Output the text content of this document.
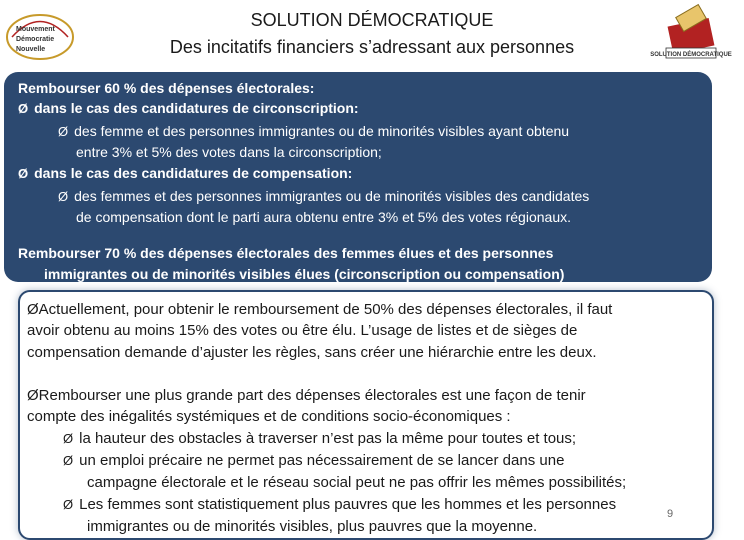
Mouvement
Démocratie
Nouvelle
SOLUTION DÉMOCRATIQUE
Des incitatifs financiers s’adressant aux personnes	SOLUTION DÉMOCRATIQUE
Rembourser 60 % des dépenses électorales:
Ø dans le cas des candidatures de circonscription:
Ø des femme et des personnes immigrantes ou de minorités visibles ayant obtenu
entre 3% et 5% des votes dans la circonscription;
Ø dans le cas des candidatures de compensation:
Ø des femmes et des personnes immigrantes ou de minorités visibles des candidates
de compensation dont le parti aura obtenu entre 3% et 5% des votes régionaux.
Rembourser 70 % des dépenses électorales des femmes élues et des personnes
immigrantes ou de minorités visibles élues (circonscription ou compensation)
ØActuellement, pour obtenir le remboursement de 50% des dépenses électorales, il faut
avoir obtenu au moins 15% des votes ou être élu. L’usage de listes et de sièges de
compensation demande d’ajuster les règles, sans créer une hiérarchie entre les deux.
ØRembourser une plus grande part des dépenses électorales est une façon de tenir
compte des inégalités systémiques et de conditions socio-économiques :
Ø la hauteur des obstacles à traverser n’est pas la même pour toutes et tous;
Ø un emploi précaire ne permet pas nécessairement de se lancer dans une
campagne électorale et le réseau social peut ne pas offrir les mêmes possibilités;
Ø Les femmes sont statistiquement plus pauvres que les hommes et les personnes
immigrantes ou de minorités visibles, plus pauvres que la moyenne.
9
